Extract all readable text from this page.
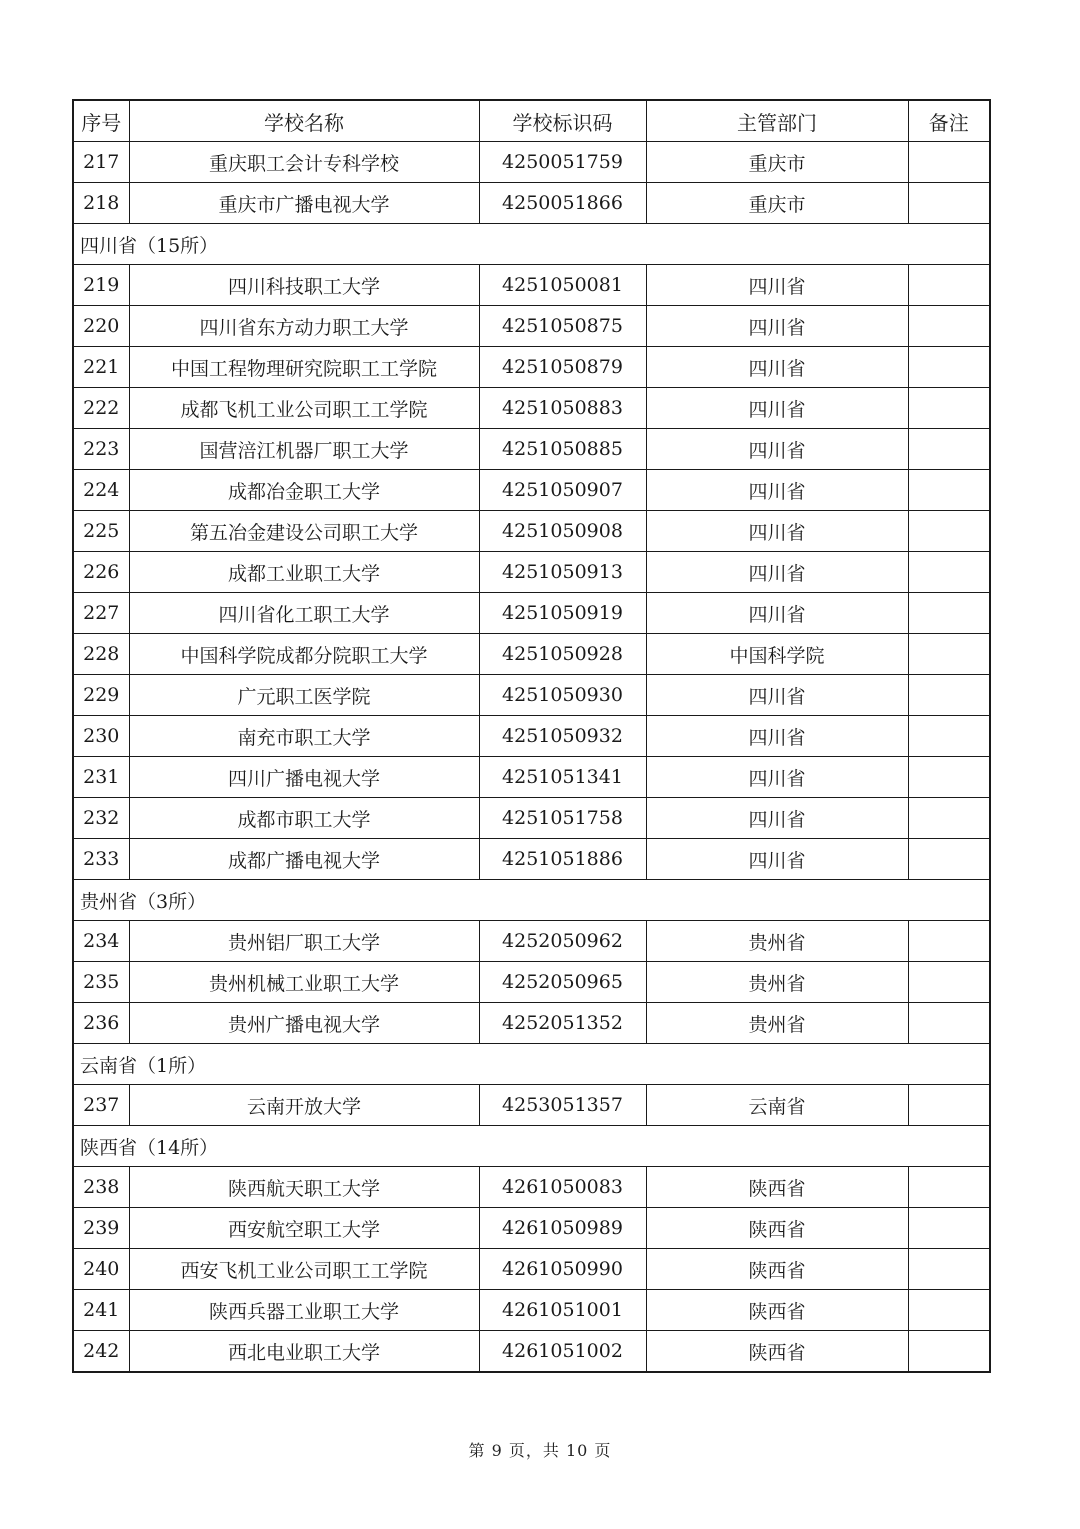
序号	学校名称	学校标识码	主管部门	备注
217	重庆职工会计专科学校	4250051759	重庆市	
218	重庆市广播电视大学	4250051866	重庆市	
四川省（15所）				
219	四川科技职工大学	4251050081	四川省	
220	四川省东方动力职工大学	4251050875	四川省	
221	中国工程物理研究院职工工学院	4251050879	四川省	
222	成都飞机工业公司职工工学院	4251050883	四川省	
223	国营涪江机器厂职工大学	4251050885	四川省	
224	成都冶金职工大学	4251050907	四川省	
225	第五冶金建设公司职工大学	4251050908	四川省	
226	成都工业职工大学	4251050913	四川省	
227	四川省化工职工大学	4251050919	四川省	
228	中国科学院成都分院职工大学	4251050928	中国科学院	
229	广元职工医学院	4251050930	四川省	
230	南充市职工大学	4251050932	四川省	
231	四川广播电视大学	4251051341	四川省	
232	成都市职工大学	4251051758	四川省	
233	成都广播电视大学	4251051886	四川省	
贵州省（3所）				
234	贵州铝厂职工大学	4252050962	贵州省	
235	贵州机械工业职工大学	4252050965	贵州省	
236	贵州广播电视大学	4252051352	贵州省	
云南省（1所）				
237	云南开放大学	4253051357	云南省	
陕西省（14所）				
238	陕西航天职工大学	4261050083	陕西省	
239	西安航空职工大学	4261050989	陕西省	
240	西安飞机工业公司职工工学院	4261050990	陕西省	
241	陕西兵器工业职工大学	4261051001	陕西省	
242	西北电业职工大学	4261051002	陕西省	
第 9 页，共 10 页
